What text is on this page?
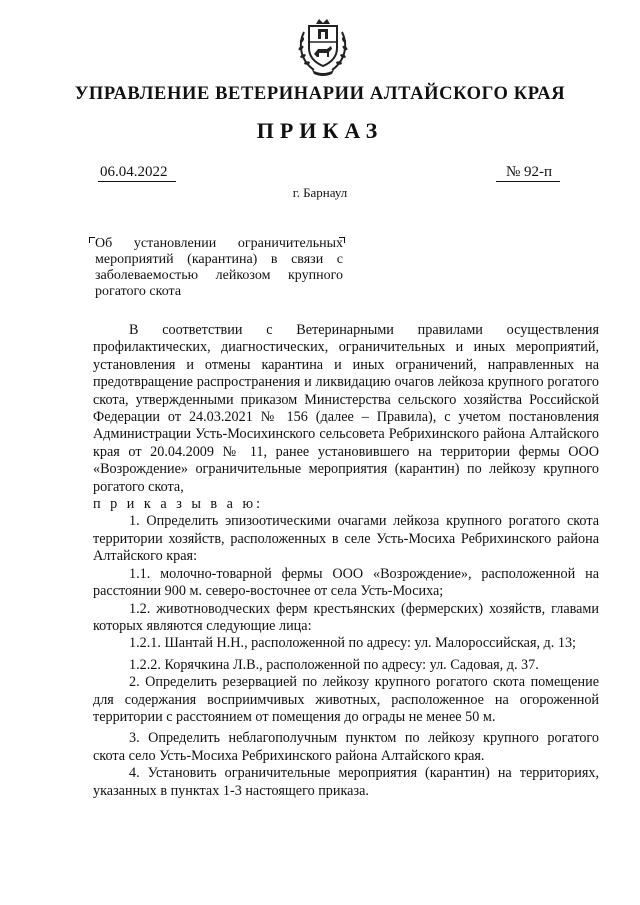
УПРАВЛЕНИЕ ВЕТЕРИНАРИИ АЛТАЙСКОГО КРАЯ
ПРИКАЗ
06.04.2022	№ 92-п
г. Барнаул
Об установлении ограничительных мероприятий (карантина) в связи с заболеваемостью лейкозом крупного рогатого скота

В соответствии с Ветеринарными правилами осуществления профилактических, диагностических, ограничительных и иных мероприятий, установления и отмены карантина и иных ограничений, направленных на предотвращение распространения и ликвидацию очагов лейкоза крупного рогатого скота, утвержденными приказом Министерства сельского хозяйства Российской Федерации от 24.03.2021 № 156 (далее – Правила), с учетом постановления Администрации Усть-Мосихинского сельсовета Ребрихинского района Алтайского края от 20.04.2009 № 11, ранее установившего на территории фермы ООО «Возрождение» ограничительные мероприятия (карантин) по лейкозу крупного рогатого скота,

п р и к а з ы в а ю:

1. Определить эпизоотическими очагами лейкоза крупного рогатого скота территории хозяйств, расположенных в селе Усть-Мосиха Ребрихинского района Алтайского края:

1.1. молочно-товарной фермы ООО «Возрождение», расположенной на расстоянии 900 м. северо-восточнее от села Усть-Мосиха;

1.2. животноводческих ферм крестьянских (фермерских) хозяйств, главами которых являются следующие лица:

1.2.1. Шантай Н.Н., расположенной по адресу: ул. Малороссийская, д. 13;

1.2.2. Корячкина Л.В., расположенной по адресу: ул. Садовая, д. 37.

2. Определить резервацией по лейкозу крупного рогатого скота помещение для содержания восприимчивых животных, расположенное на огороженной территории с расстоянием от помещения до ограды не менее 50 м.

3. Определить неблагополучным пунктом по лейкозу крупного рогатого скота село Усть-Мосиха Ребрихинского района Алтайского края.

4. Установить ограничительные мероприятия (карантин) на территориях, указанных в пунктах 1-3 настоящего приказа.
